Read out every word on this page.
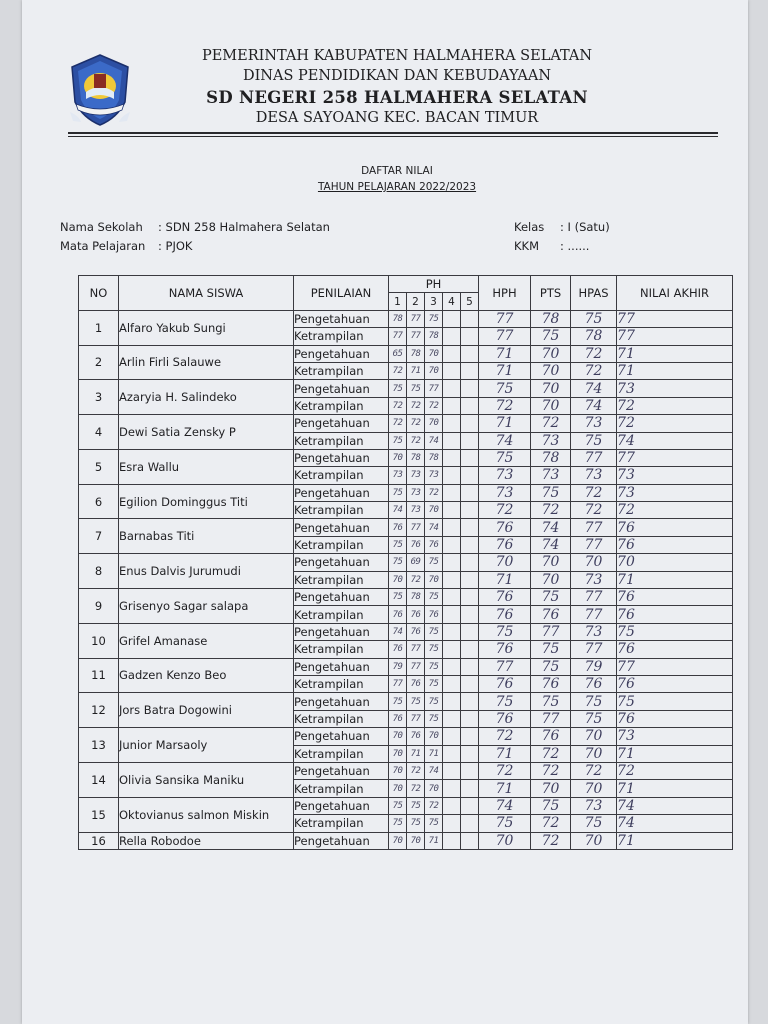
PEMERINTAH KABUPATEN HALMAHERA SELATAN
DINAS PENDIDIKAN DAN KEBUDAYAAN
SD NEGERI 258 HALMAHERA SELATAN
DESA SAYOANG KEC. BACAN TIMUR
DAFTAR NILAI
TAHUN PELAJARAN 2022/2023
Nama Sekolah : SDN 258 Halmahera Selatan
Mata Pelajaran : PJOK
Kelas : I (Satu)
KKM : ......
NO	NAMA SISWA	PENILAIAN	PH					HPH	PTS	HPAS	NILAI AKHIR
			1	2	3	4	5				
1	Alfaro Yakub Sungi	Pengetahuan	78	77	75			77	78	75	77
		Ketrampilan	77	77	78			77	75	78	77
2	Arlin Firli Salauwe	Pengetahuan	65	78	70			71	70	72	71
		Ketrampilan	72	71	70			71	70	72	71
3	Azaryia H. Salindeko	Pengetahuan	75	75	77			75	70	74	73
		Ketrampilan	72	72	72			72	70	74	72
4	Dewi Satia Zensky P	Pengetahuan	72	72	70			71	72	73	72
		Ketrampilan	75	72	74			74	73	75	74
5	Esra Wallu	Pengetahuan	70	78	78			75	78	77	77
		Ketrampilan	73	73	73			73	73	73	73
6	Egilion Dominggus Titi	Pengetahuan	75	73	72			73	75	72	73
		Ketrampilan	74	73	70			72	72	72	72
7	Barnabas Titi	Pengetahuan	76	77	74			76	74	77	76
		Ketrampilan	75	76	76			76	74	77	76
8	Enus Dalvis Jurumudi	Pengetahuan	75	69	75			70	70	70	70
		Ketrampilan	70	72	70			71	70	73	71
9	Grisenyo Sagar salapa	Pengetahuan	75	78	75			76	75	77	76
		Ketrampilan	76	76	76			76	76	77	76
10	Grifel Amanase	Pengetahuan	74	76	75			75	77	73	75
		Ketrampilan	76	77	75			76	75	77	76
11	Gadzen Kenzo Beo	Pengetahuan	79	77	75			77	75	79	77
		Ketrampilan	77	76	75			76	76	76	76
12	Jors Batra Dogowini	Pengetahuan	75	75	75			75	75	75	75
		Ketrampilan	76	77	75			76	77	75	76
13	Junior Marsaoly	Pengetahuan	70	76	70			72	76	70	73
		Ketrampilan	70	71	71			71	72	70	71
14	Olivia Sansika Maniku	Pengetahuan	70	72	74			72	72	72	72
		Ketrampilan	70	72	70			71	70	70	71
15	Oktovianus salmon Miskin	Pengetahuan	75	75	72			74	75	73	74
		Ketrampilan	75	75	75			75	72	75	74
16	Rella Robodoe	Pengetahuan	70	70	71			70	72	70	71
